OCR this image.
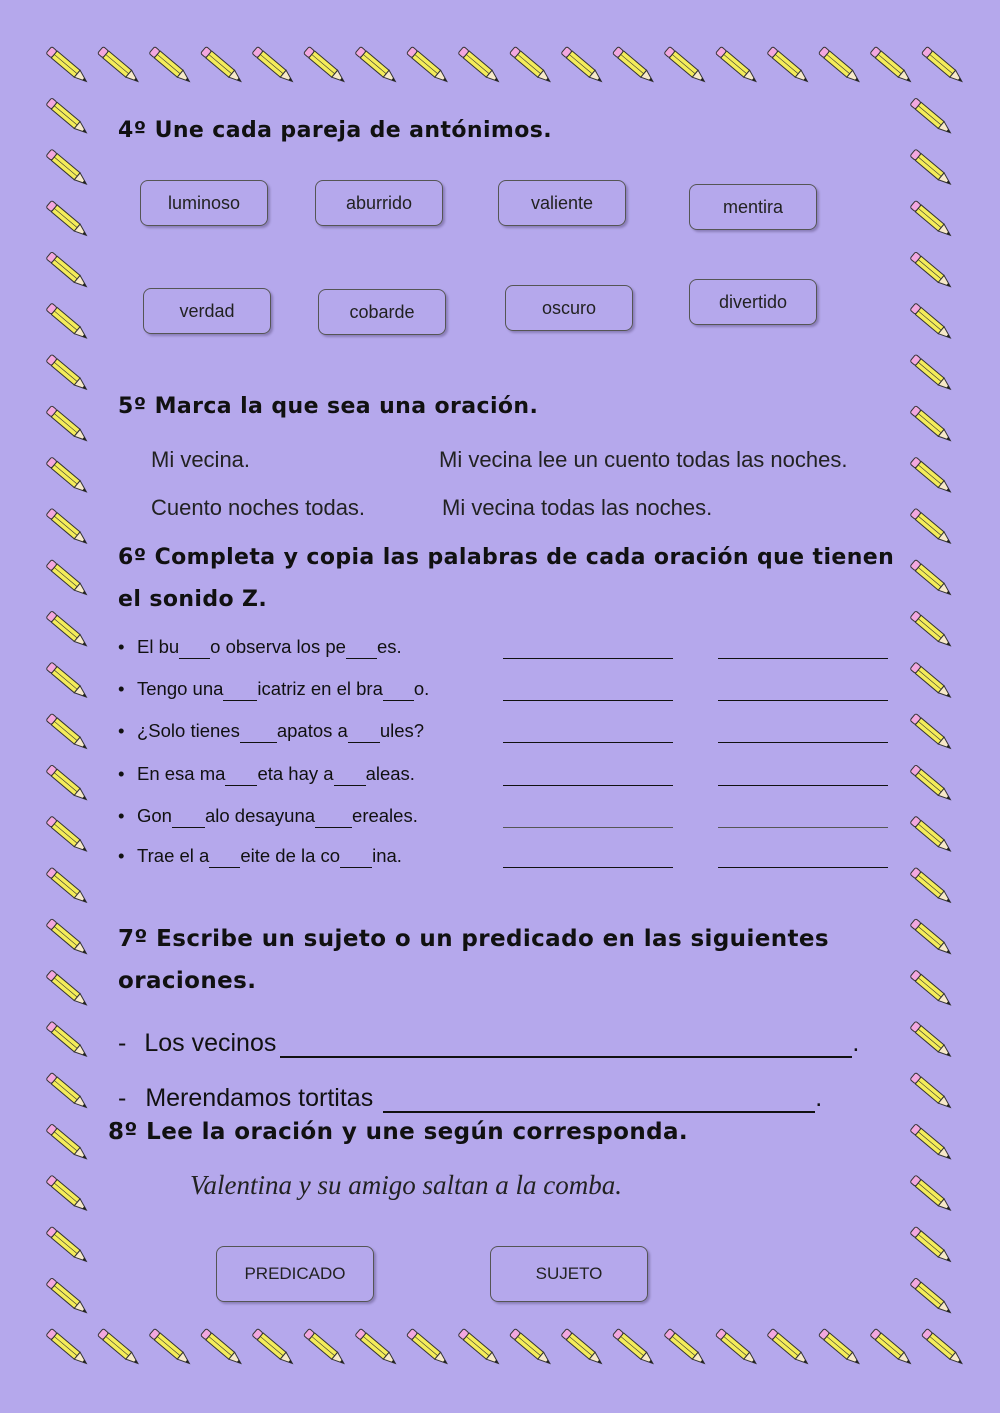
4º Une cada pareja de antónimos.
luminoso	aburrido	valiente	mentira
verdad	cobarde	oscuro	divertido
5º Marca la que sea una oración.
Mi vecina.	Mi vecina lee un cuento todas las noches.
Cuento noches todas.	Mi vecina todas las noches.
6º Completa y copia las palabras de cada oración que tienen
el sonido Z.
• El bu o observa los pe es.
• Tengo una icatriz en el bra o.
• ¿Solo tienes apatos a ules?
• En esa ma eta hay a aleas.
• Gon alo desayuna ereales.
• Trae el a eite de la co ina.
7º Escribe un sujeto o un predicado en las siguientes
oraciones.
- Los vecinos	.
- Merendamos tortitas	.
8º Lee la oración y une según corresponda.
Valentina y su amigo saltan a la comba.
PREDICADO	SUJETO
